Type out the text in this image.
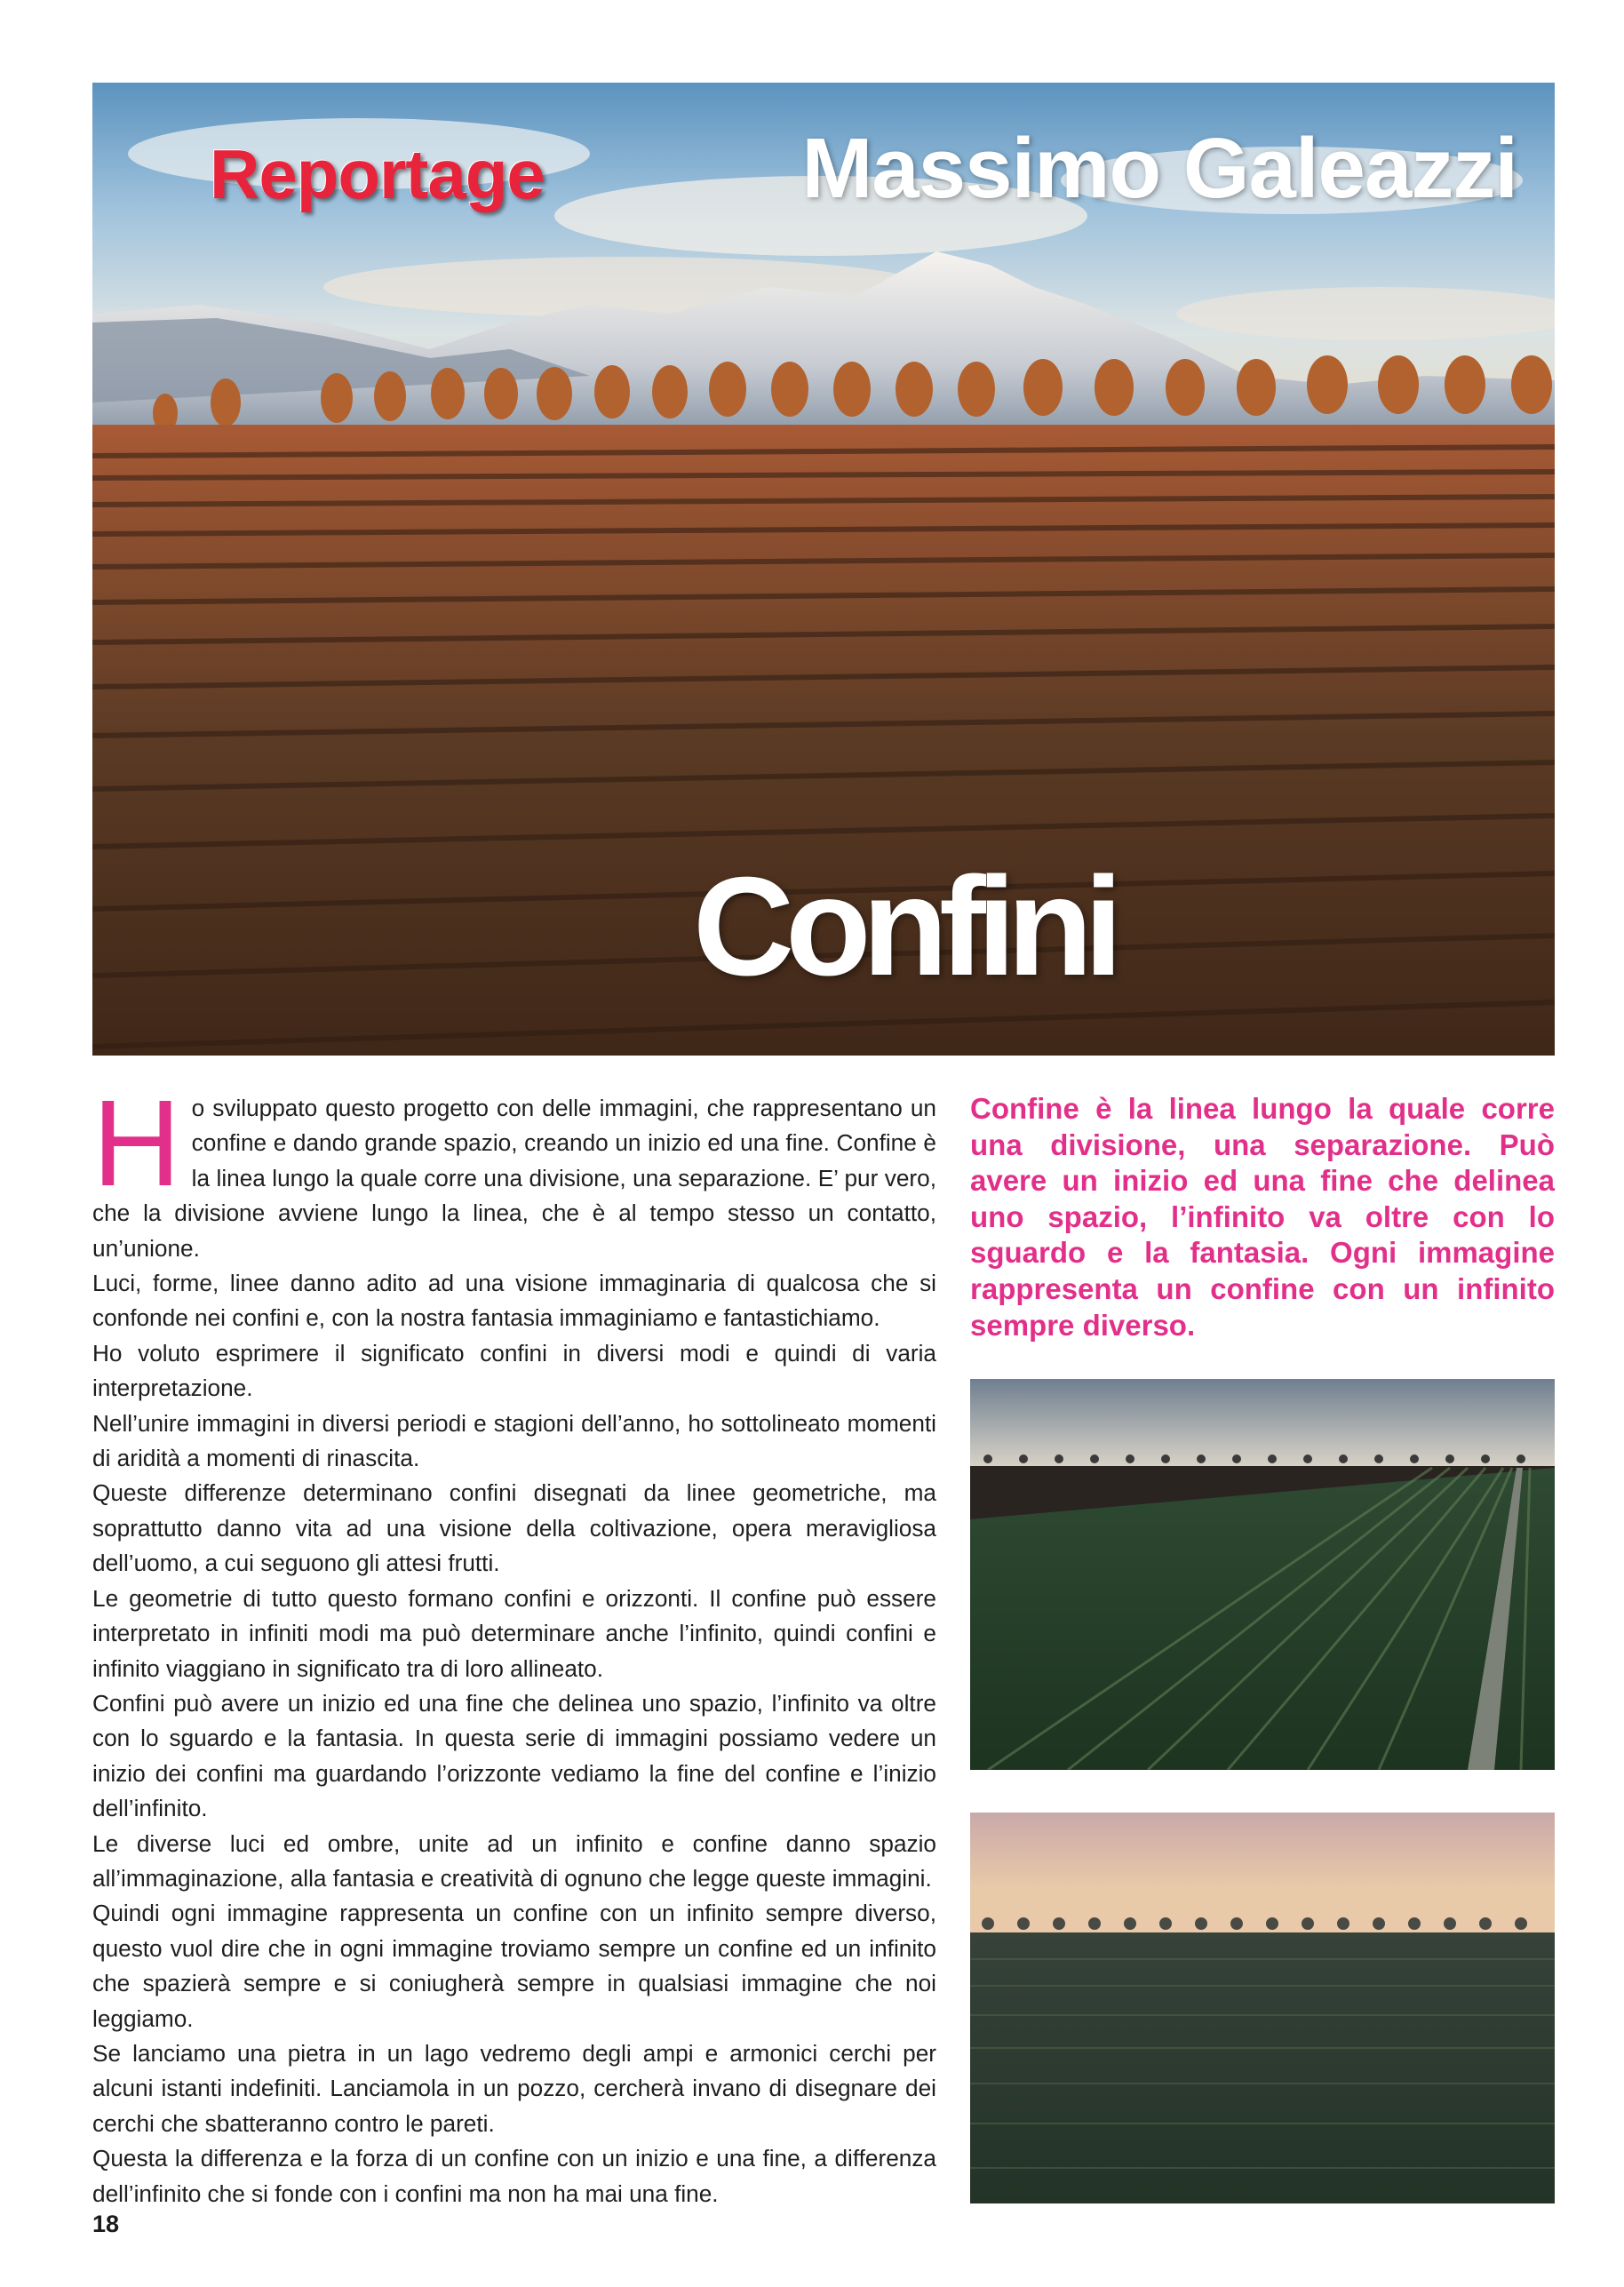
Reportage	Massimo Galeazzi
Confini
H o sviluppato questo progetto con delle immagini, che rappresentano un confine e dando grande spazio, creando un inizio ed una fine. Confine è la linea lungo la quale corre una divisione, una separazione. E’ pur vero, che la divisione avviene lungo la linea, che è al tempo stesso un contatto, un’unione.

Luci, forme, linee danno adito ad una visione immaginaria di qualcosa che si confonde nei confini e, con la nostra fantasia immaginiamo e fantastichiamo.

Ho voluto esprimere il significato confini in diversi modi e quindi di varia interpretazione.

Nell’unire immagini in diversi periodi e stagioni dell’anno, ho sottolineato momenti di aridità a momenti di rinascita.

Queste differenze determinano confini disegnati da linee geometriche, ma soprattutto danno vita ad una visione della coltivazione, opera meravigliosa dell’uomo, a cui seguono gli attesi frutti.

Le geometrie di tutto questo formano confini e orizzonti. Il confine può essere interpretato in infiniti modi ma può determinare anche l’infinito, quindi confini e infinito viaggiano in significato tra di loro allineato.

Confini può avere un inizio ed una fine che delinea uno spazio, l’infinito va oltre con lo sguardo e la fantasia. In questa serie di immagini possiamo vedere un inizio dei confini ma guardando l’orizzonte vediamo la fine del confine e l’inizio dell’infinito.

Le diverse luci ed ombre, unite ad un infinito e confine danno spazio all’immaginazione, alla fantasia e creatività di ognuno che legge queste immagini.

Quindi ogni immagine rappresenta un confine con un infinito sempre diverso, questo vuol dire che in ogni immagine troviamo sempre un confine ed un infinito che spazierà sempre e si coniugherà sempre in qualsiasi immagine che noi leggiamo.

Se lanciamo una pietra in un lago vedremo degli ampi e armonici cerchi per alcuni istanti indefiniti. Lanciamola in un pozzo, cercherà invano di disegnare dei cerchi che sbatteranno contro le pareti.

Questa la differenza e la forza di un confine con un inizio e una fine, a differenza dell’infinito che si fonde con i confini ma non ha mai una fine.

Confine è la linea lungo la quale corre una divisione, una separazione. Può avere un inizio ed una fine che delinea uno spazio, l’infinito va oltre con lo sguardo e la fantasia. Ogni immagine rappresenta un confine con un infinito sempre diverso.
18
